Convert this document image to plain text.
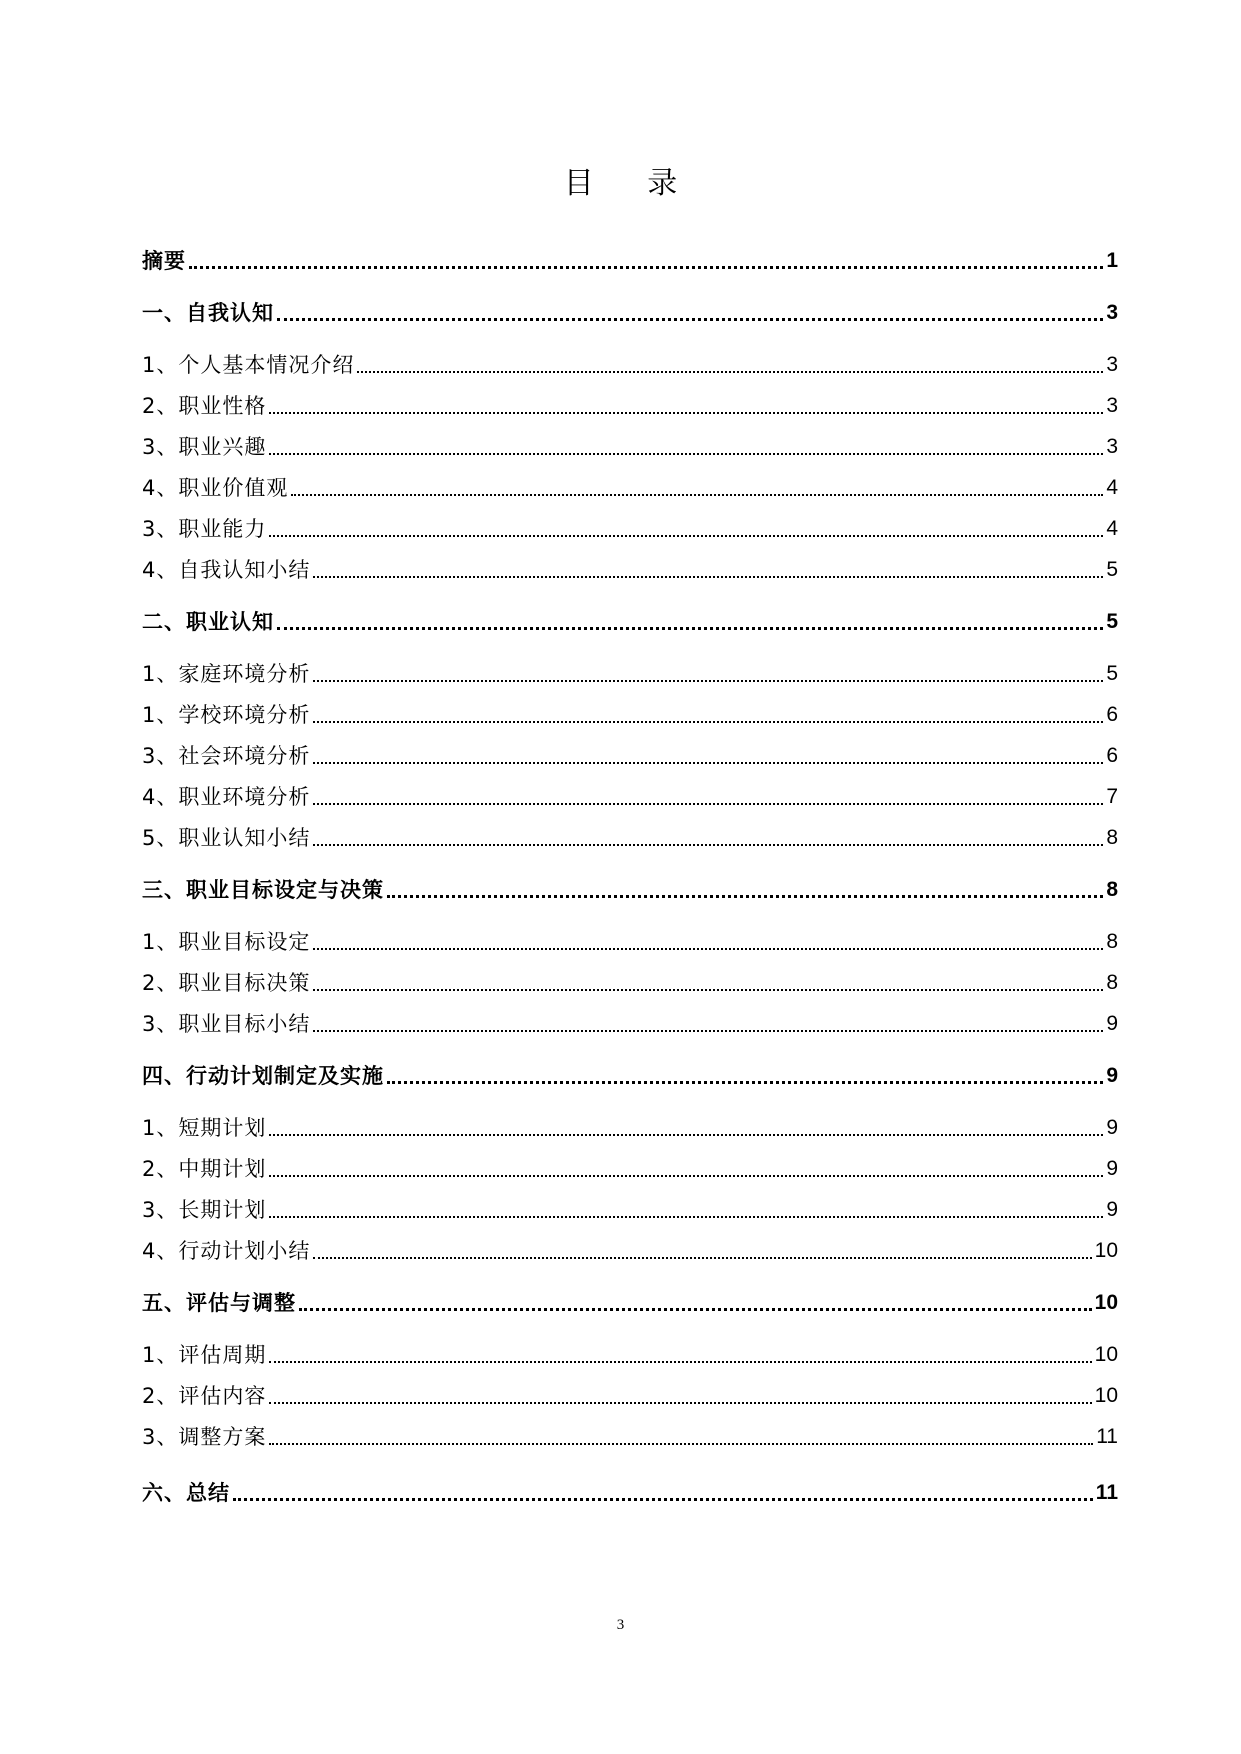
目 录
摘要	1
一、自我认知	3
1、个人基本情况介绍	3
2、职业性格	3
3、职业兴趣	3
4、职业价值观	4
3、职业能力	4
4、自我认知小结	5
二、职业认知	5
1、家庭环境分析	5
1、学校环境分析	6
3、社会环境分析	6
4、职业环境分析	7
5、职业认知小结	8
三、职业目标设定与决策	8
1、职业目标设定	8
2、职业目标决策	8
3、职业目标小结	9
四、行动计划制定及实施	9
1、短期计划	9
2、中期计划	9
3、长期计划	9
4、行动计划小结	10
五、评估与调整	10
1、评估周期	10
2、评估内容	10
3、调整方案	11
六、总结	11
3
